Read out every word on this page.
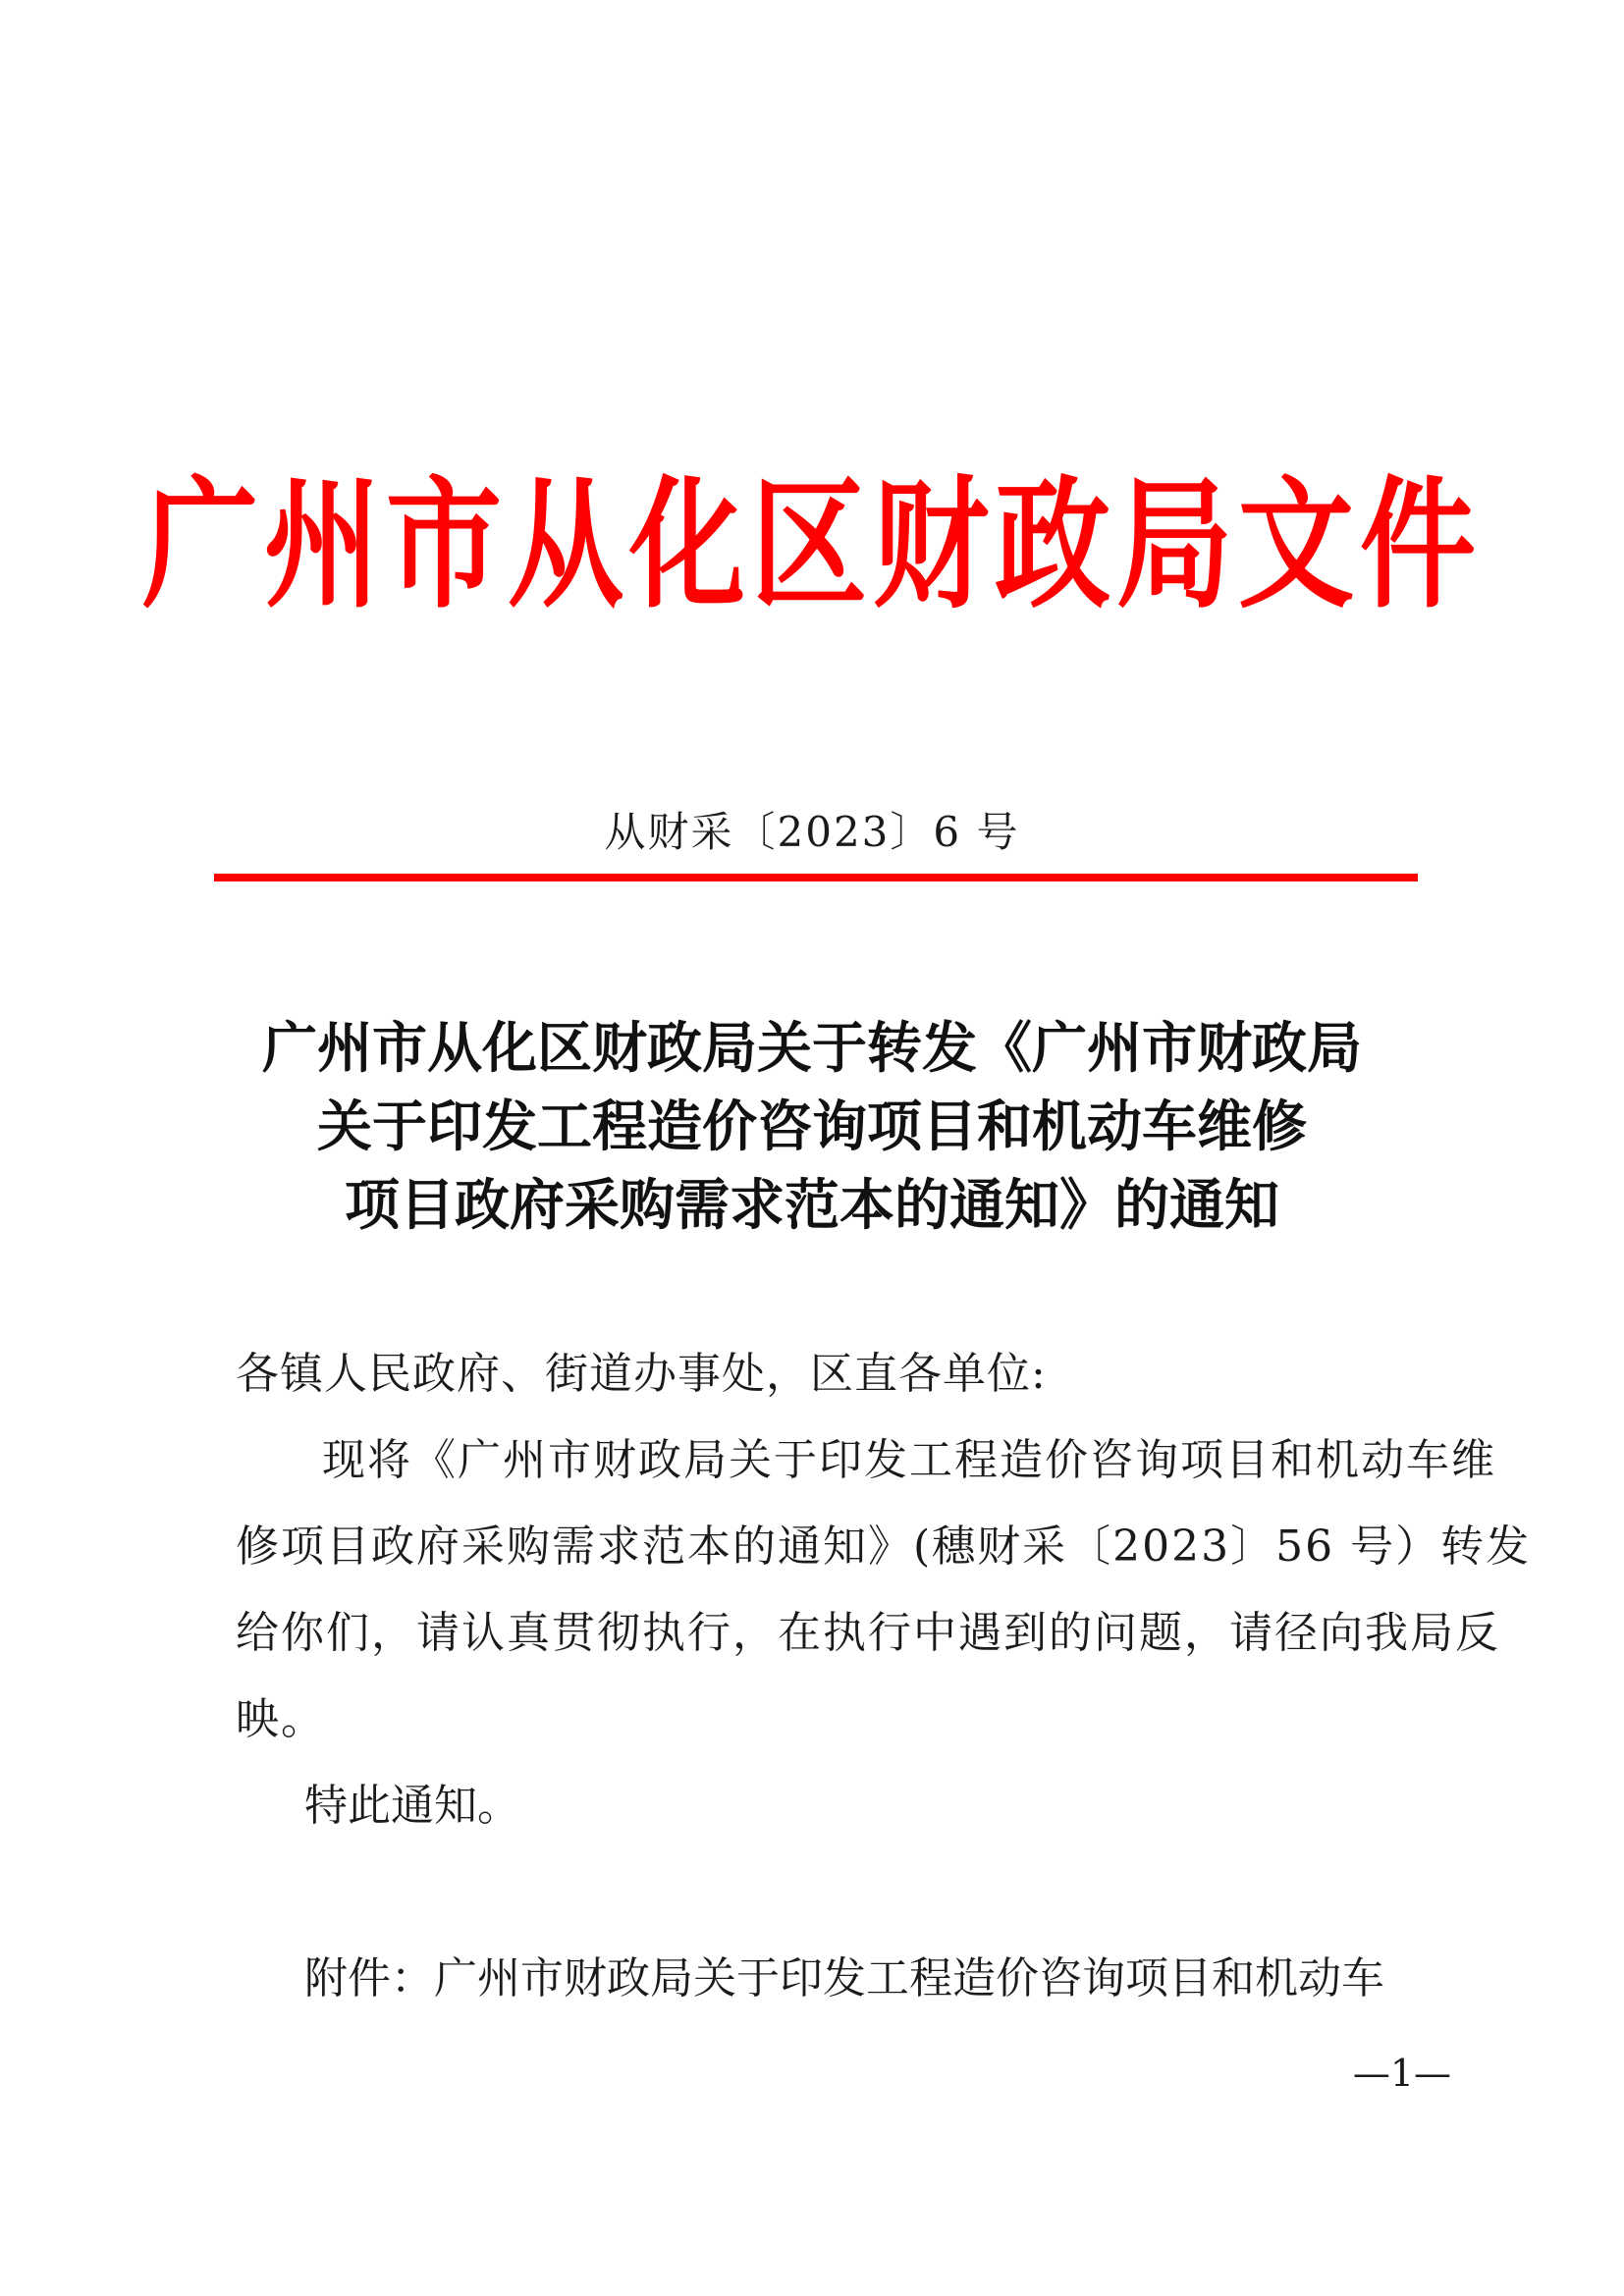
广州市从化区财政局文件
从财采〔2023〕6 号
广州市从化区财政局关于转发《广州市财政局
关于印发工程造价咨询项目和机动车维修
项目政府采购需求范本的通知》的通知
各镇人民政府、街道办事处，区直各单位:
现将《广州市财政局关于印发工程造价咨询项目和机动车维
修项目政府采购需求范本的通知》(穗财采〔2023〕56 号）转发
给你们，请认真贯彻执行，在执行中遇到的问题，请径向我局反
映。
特此通知。
附件：广州市财政局关于印发工程造价咨询项目和机动车
—1—
